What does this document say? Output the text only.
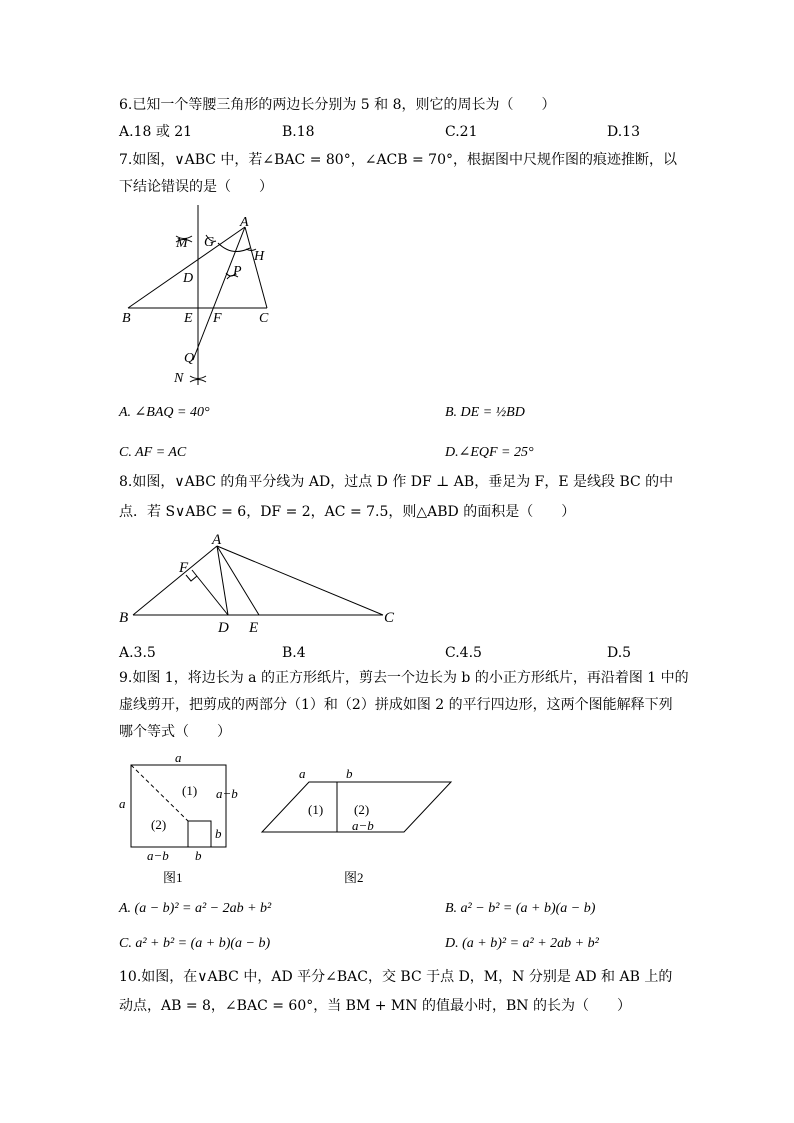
6.已知一个等腰三角形的两边长分别为 5 和 8，则它的周长为（　　）
A.18 或 21	B.18	C.21	D.13
7.如图，∨ABC 中，若∠BAC = 80°，∠ACB = 70°，根据图中尺规作图的痕迹推断，以
下结论错误的是（　　）
A
M G
H
D	P
B	E F	C
Q
N
A. ∠BAQ = 40°	B. DE = ½BD
C. AF = AC	D.∠EQF = 25°
8.如图，∨ABC 的角平分线为 AD，过点 D 作 DF ⊥ AB，垂足为 F，E 是线段 BC 的中
点．若 S∨ABC = 6，DF = 2，AC = 7.5，则△ABD 的面积是（　　）
A
F
B
D E
C
A.3.5	B.4	C.4.5	D.5
9.如图 1，将边长为 a 的正方形纸片，剪去一个边长为 b 的小正方形纸片，再沿着图 1 中的
虚线剪开，把剪成的两部分（1）和（2）拼成如图 2 的平行四边形，这两个图能解释下列
哪个等式（　　）
a
a
a−b
(1)
(2)
b
a−b b
图1
a	b
(1) (2)
a−b
图2
A. (a − b)² = a² − 2ab + b²	B. a² − b² = (a + b)(a − b)
C. a² + b² = (a + b)(a − b)	D. (a + b)² = a² + 2ab + b²
10.如图，在∨ABC 中，AD 平分∠BAC，交 BC 于点 D，M，N 分别是 AD 和 AB 上的
动点，AB = 8，∠BAC = 60°，当 BM + MN 的值最小时，BN 的长为（　　）
